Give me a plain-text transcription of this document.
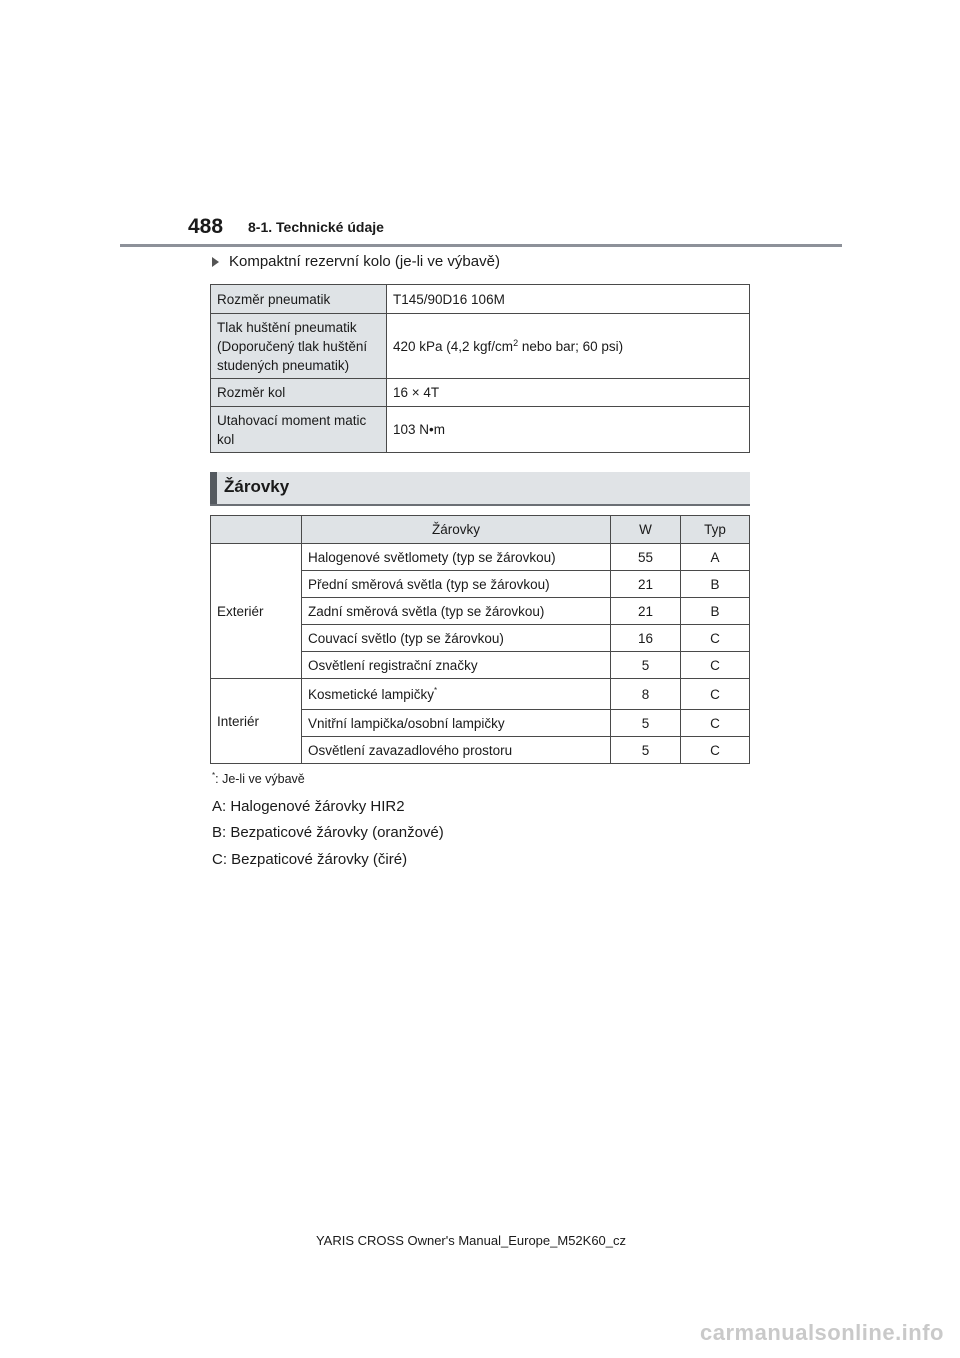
488 8-1. Technické údaje
Kompaktní rezervní kolo (je-li ve výbavě)
Rozměr pneumatik	T145/90D16 106M
Tlak huštění pneumatik
(Doporučený tlak huštění
studených pneumatik)	420 kPa (4,2 kgf/$cm^2$ nebo bar; 60 psi)
Rozměr kol	16 × 4T
Utahovací moment matic
kol	103 N•m
Žárovky
	Žárovky	W	Typ
Exteriér	Halogenové světlomety (typ se žárovkou)	55	A
	Přední směrová světla (typ se žárovkou)	21	B
	Zadní směrová světla (typ se žárovkou)	21	B
	Couvací světlo (typ se žárovkou)	16	C
	Osvětlení registrační značky	5	C
Interiér	Kosmetické lampičky*	8	C
	Vnitřní lampička/osobní lampičky	5	C
	Osvětlení zavazadlového prostoru	5	C
*: Je-li ve výbavě
A: Halogenové žárovky HIR2
B: Bezpaticové žárovky (oranžové)
C: Bezpaticové žárovky (čiré)
YARIS CROSS Owner's Manual_Europe_M52K60_cz
carmanualsonline.info
